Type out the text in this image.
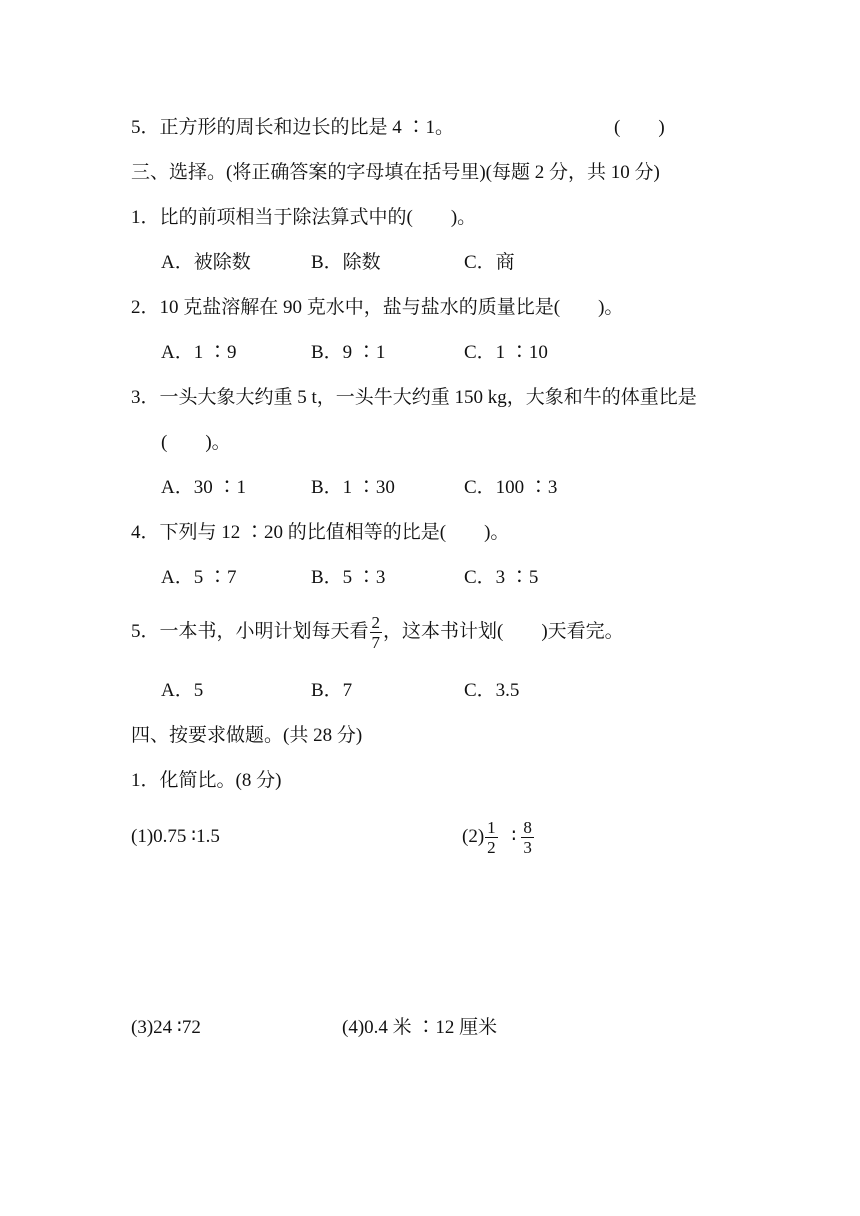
5．正方形的周长和边长的比是 4 ∶1。	(　　)
三、选择。(将正确答案的字母填在括号里)(每题 2 分，共 10 分)
1．比的前项相当于除法算式中的(　　)。
A．被除数	B．除数	C．商
2．10 克盐溶解在 90 克水中，盐与盐水的质量比是(　　)。
A．1 ∶9	B．9 ∶1	C．1 ∶10
3．一头大象大约重 5 t，一头牛大约重 150 kg，大象和牛的体重比是
(　　)。
A．30 ∶1	B．1 ∶30	C．100 ∶3
4．下列与 12 ∶20 的比值相等的比是(　　)。
A．5 ∶7	B．5 ∶3	C．3 ∶5
5．一本书，小明计划每天看 $\frac{2}{7}$ ，这本书计划(　　)天看完。
A．5	B．7	C．3.5
四、按要求做题。(共 28 分)
1．化简比。(8 分)
(1)0.75 ∶1.5	$(2) \frac{1}{2}$ ∶ $\frac{8}{3}$
(3)24 ∶72	(4)0.4 米 ∶12 厘米
